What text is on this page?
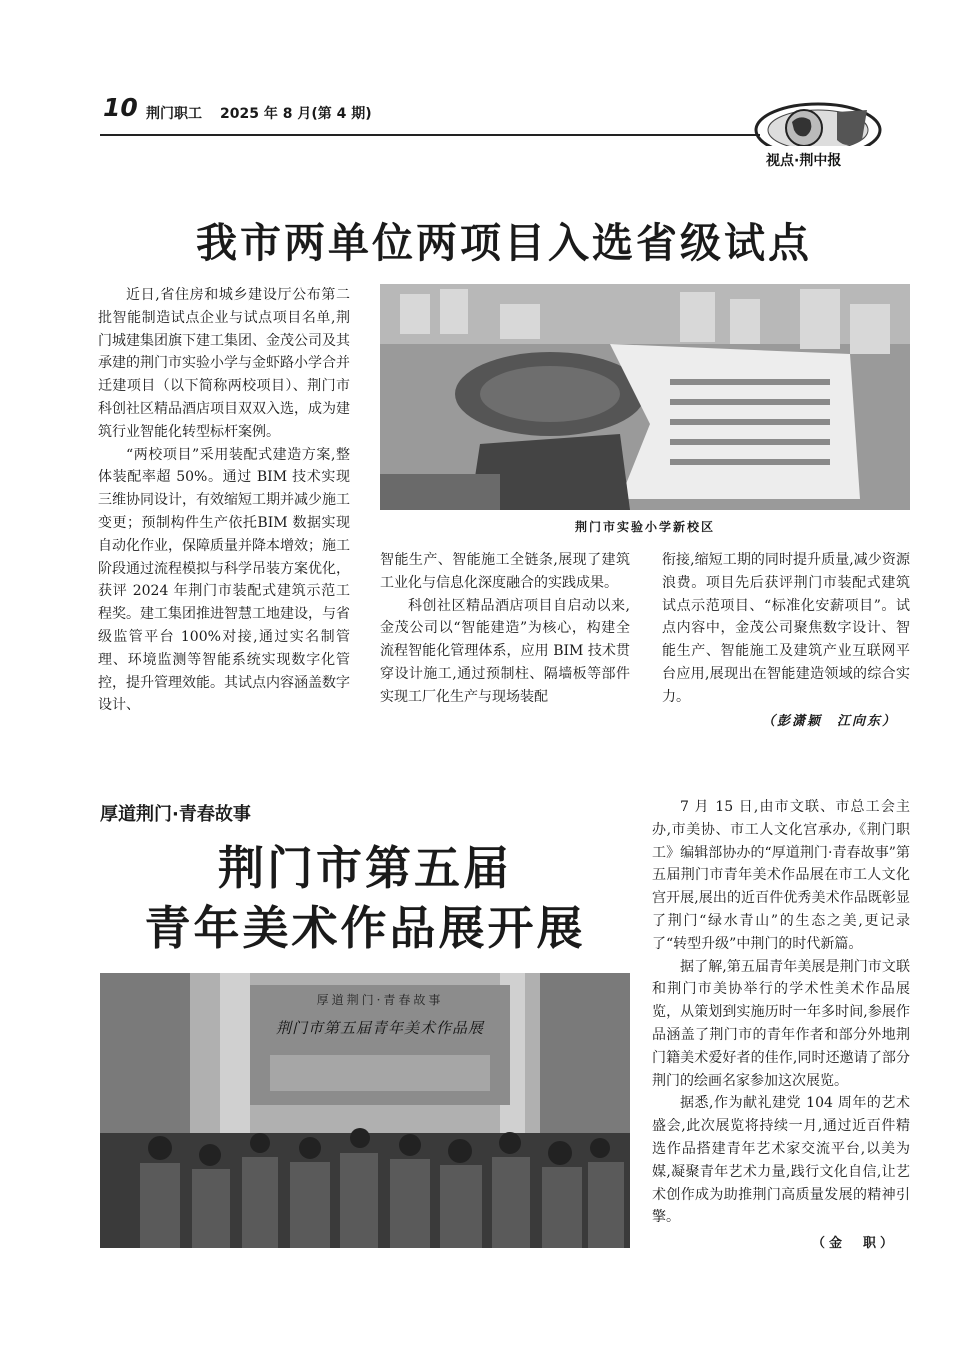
10 荆门职工 2025 年 8 月(第 4 期)
视点·荆中报
我市两单位两项目入选省级试点

近日,省住房和城乡建设厅公布第二批智能制造试点企业与试点项目名单,荆门城建集团旗下建工集团、金茂公司及其承建的荆门市实验小学与金虾路小学合并迁建项目（以下简称两校项目）、荆门市科创社区精品酒店项目双双入选，成为建筑行业智能化转型标杆案例。

“两校项目”采用装配式建造方案,整体装配率超 50%。通过 BIM 技术实现三维协同设计，有效缩短工期并减少施工变更；预制构件生产依托BIM 数据实现自动化作业，保障质量并降本增效；施工阶段通过流程模拟与科学吊装方案优化，获评 2024 年荆门市装配式建筑示范工程奖。建工集团推进智慧工地建设，与省级监管平台 100%对接,通过实名制管理、环境监测等智能系统实现数字化管控，提升管理效能。其试点内容涵盖数字设计、

荆门市实验小学新校区

智能生产、智能施工全链条,展现了建筑工业化与信息化深度融合的实践成果。

科创社区精品酒店项目自启动以来,金茂公司以“智能建造”为核心，构建全流程智能化管理体系，应用 BIM 技术贯穿设计施工,通过预制柱、隔墙板等部件实现工厂化生产与现场装配

衔接,缩短工期的同时提升质量,减少资源浪费。项目先后获评荆门市装配式建筑试点示范项目、“标准化安薪项目”。试点内容中，金茂公司聚焦数字设计、智能生产、智能施工及建筑产业互联网平台应用,展现出在智能建造领域的综合实力。

（彭潇颖　江向东）
厚道荆门·青春故事
荆门市第五届
青年美术作品展开展
厚道荆门·青春故事
荆门市第五届青年美术作品展

7 月 15 日,由市文联、市总工会主办,市美协、市工人文化宫承办,《荆门职工》编辑部协办的“厚道荆门·青春故事”第五届荆门市青年美术作品展在市工人文化宫开展,展出的近百件优秀美术作品既彰显了荆门“绿水青山”的生态之美,更记录了“转型升级”中荆门的时代新篇。

据了解,第五届青年美展是荆门市文联和荆门市美协举行的学术性美术作品展览，从策划到实施历时一年多时间,参展作品涵盖了荆门市的青年作者和部分外地荆门籍美术爱好者的佳作,同时还邀请了部分荆门的绘画名家参加这次展览。

据悉,作为献礼建党 104 周年的艺术盛会,此次展览将持续一月,通过近百件精选作品搭建青年艺术家交流平台,以美为媒,凝聚青年艺术力量,践行文化自信,让艺术创作成为助推荆门高质量发展的精神引擎。

（金　职）
